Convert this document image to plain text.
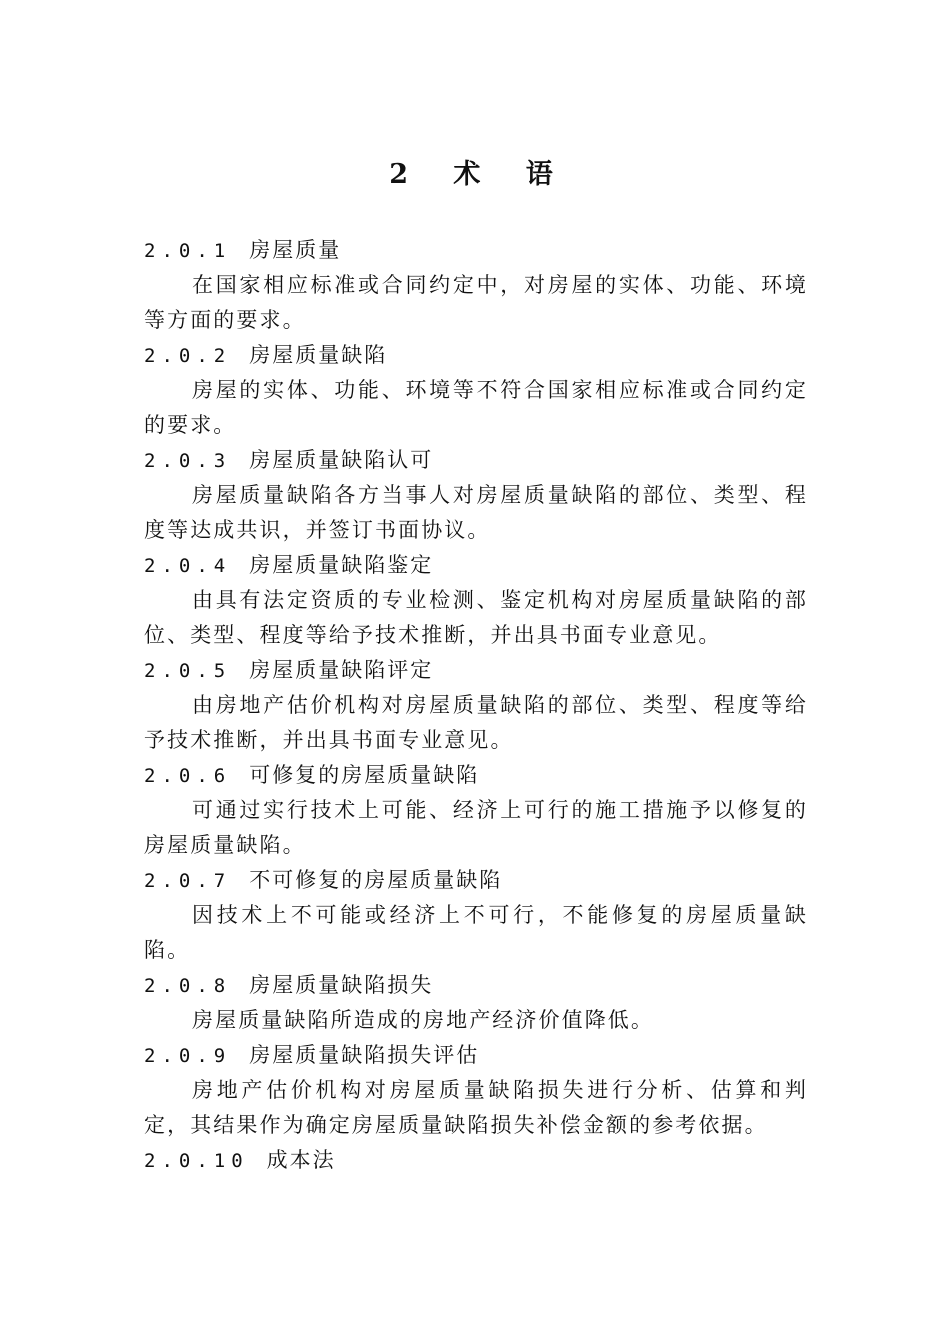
2 术 语

2.0.1 房屋质量

在国家相应标准或合同约定中，对房屋的实体、功能、环境等方面的要求。

2.0.2 房屋质量缺陷

房屋的实体、功能、环境等不符合国家相应标准或合同约定的要求。

2.0.3 房屋质量缺陷认可

房屋质量缺陷各方当事人对房屋质量缺陷的部位、类型、程度等达成共识，并签订书面协议。

2.0.4 房屋质量缺陷鉴定

由具有法定资质的专业检测、鉴定机构对房屋质量缺陷的部位、类型、程度等给予技术推断，并出具书面专业意见。

2.0.5 房屋质量缺陷评定

由房地产估价机构对房屋质量缺陷的部位、类型、程度等给予技术推断，并出具书面专业意见。

2.0.6 可修复的房屋质量缺陷

可通过实行技术上可能、经济上可行的施工措施予以修复的房屋质量缺陷。

2.0.7 不可修复的房屋质量缺陷

因技术上不可能或经济上不可行，不能修复的房屋质量缺陷。

2.0.8 房屋质量缺陷损失

房屋质量缺陷所造成的房地产经济价值降低。

2.0.9 房屋质量缺陷损失评估

房地产估价机构对房屋质量缺陷损失进行分析、估算和判定，其结果作为确定房屋质量缺陷损失补偿金额的参考依据。

2.0.10 成本法
